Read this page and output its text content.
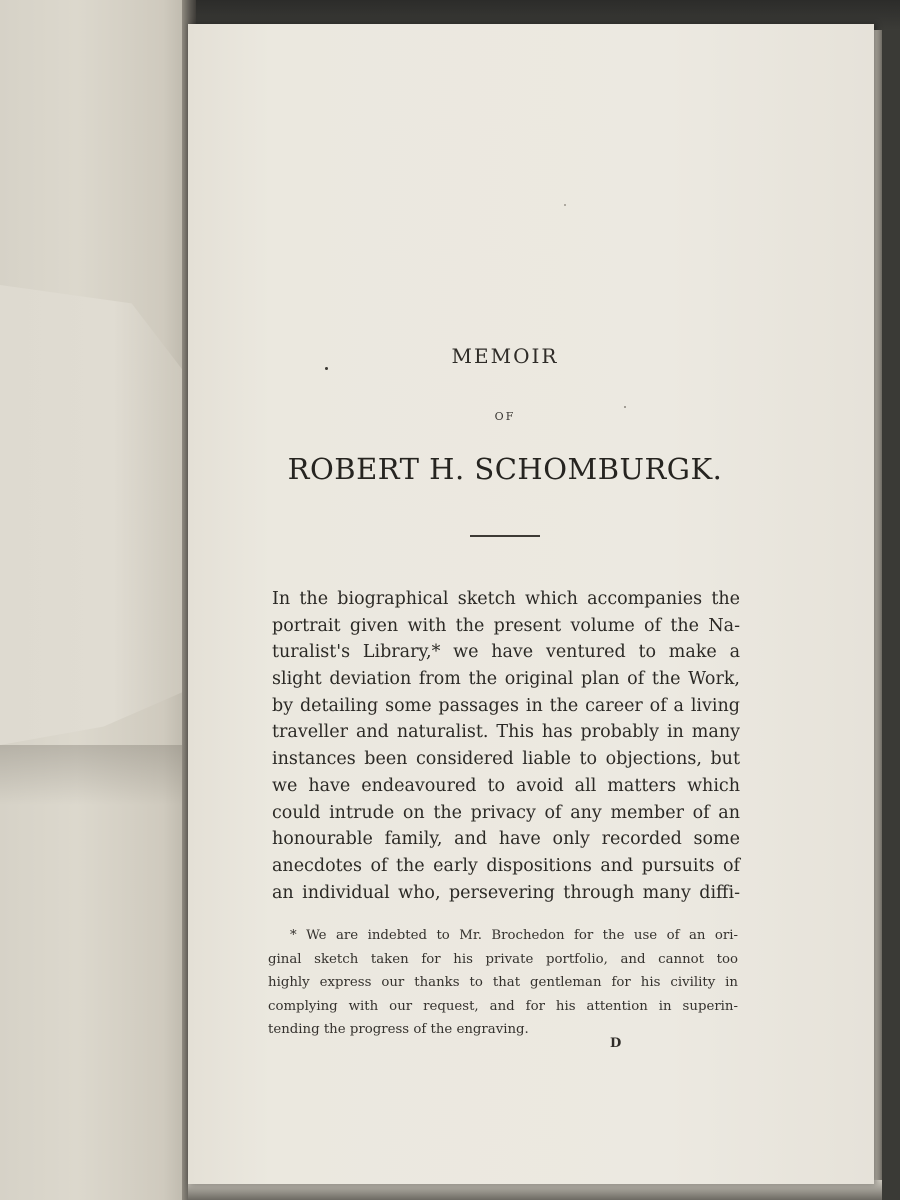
MEMOIR
OF
ROBERT H. SCHOMBURGK.
In the biographical sketch which accompanies the
portrait given with the present volume of the Na-
turalist's Library,* we have ventured to make a
slight deviation from the original plan of the Work,
by detailing some passages in the career of a living
traveller and naturalist. This has probably in many
instances been considered liable to objections, but
we have endeavoured to avoid all matters which
could intrude on the privacy of any member of an
honourable family, and have only recorded some
anecdotes of the early dispositions and pursuits of
an individual who, persevering through many diffi-
* We are indebted to Mr. Brochedon for the use of an ori-
ginal sketch taken for his private portfolio, and cannot too
highly express our thanks to that gentleman for his civility in
complying with our request, and for his attention in superin-
tending the progress of the engraving.
D
